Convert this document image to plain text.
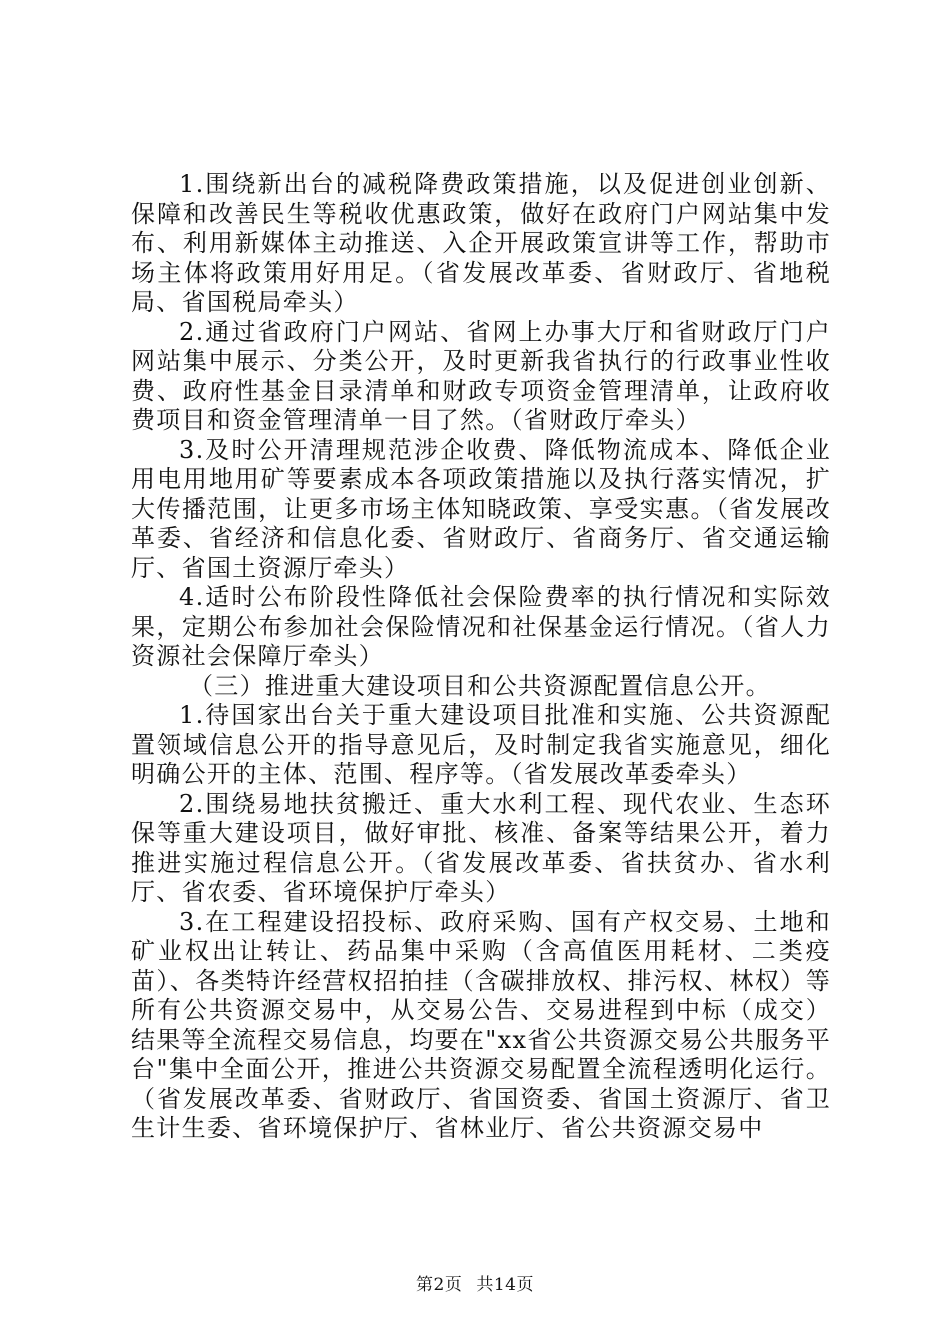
1.围绕新出台的减税降费政策措施，以及促进创业创新、保障和改善民生等税收优惠政策，做好在政府门户网站集中发布、利用新媒体主动推送、入企开展政策宣讲等工作，帮助市场主体将政策用好用足。（省发展改革委、省财政厅、省地税局、省国税局牵头）

2.通过省政府门户网站、省网上办事大厅和省财政厅门户网站集中展示、分类公开，及时更新我省执行的行政事业性收费、政府性基金目录清单和财政专项资金管理清单，让政府收费项目和资金管理清单一目了然。（省财政厅牵头）

3.及时公开清理规范涉企收费、降低物流成本、降低企业用电用地用矿等要素成本各项政策措施以及执行落实情况，扩大传播范围，让更多市场主体知晓政策、享受实惠。（省发展改革委、省经济和信息化委、省财政厅、省商务厅、省交通运输厅、省国土资源厅牵头）

4.适时公布阶段性降低社会保险费率的执行情况和实际效果，定期公布参加社会保险情况和社保基金运行情况。（省人力资源社会保障厅牵头）

（三）推进重大建设项目和公共资源配置信息公开。

1.待国家出台关于重大建设项目批准和实施、公共资源配置领域信息公开的指导意见后，及时制定我省实施意见，细化明确公开的主体、范围、程序等。（省发展改革委牵头）

2.围绕易地扶贫搬迁、重大水利工程、现代农业、生态环保等重大建设项目，做好审批、核准、备案等结果公开，着力推进实施过程信息公开。（省发展改革委、省扶贫办、省水利厅、省农委、省环境保护厅牵头）

3.在工程建设招投标、政府采购、国有产权交易、土地和矿业权出让转让、药品集中采购（含高值医用耗材、二类疫苗）、各类特许经营权招拍挂（含碳排放权、排污权、林权）等所有公共资源交易中，从交易公告、交易进程到中标（成交）结果等全流程交易信息，均要在"xx省公共资源交易公共服务平台"集中全面公开，推进公共资源交易配置全流程透明化运行。（省发展改革委、省财政厅、省国资委、省国土资源厅、省卫生计生委、省环境保护厅、省林业厅、省公共资源交易中

第2页 共14页
